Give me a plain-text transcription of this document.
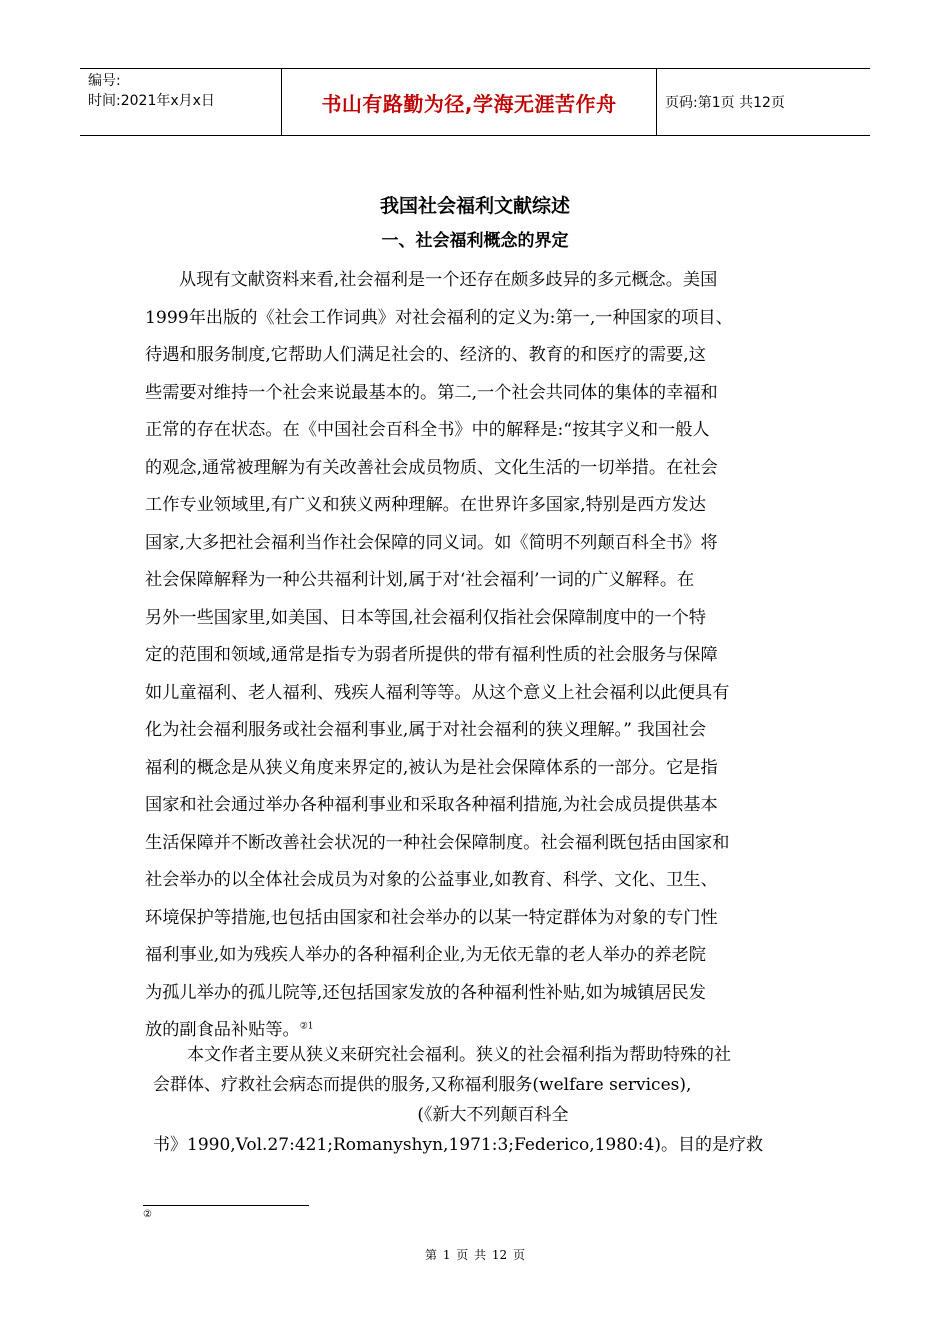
编号:
时间:2021年x月x日	书山有路勤为径,学海无涯苦作舟	页码:第1页 共12页
我国社会福利文献综述
一、社会福利概念的界定
从现有文献资料来看,社会福利是一个还存在颇多歧异的多元概念。美国
1999年出版的《社会工作词典》对社会福利的定义为:第一,一种国家的项目、
待遇和服务制度,它帮助人们满足社会的、经济的、教育的和医疗的需要,这
些需要对维持一个社会来说最基本的。第二,一个社会共同体的集体的幸福和
正常的存在状态。在《中国社会百科全书》中的解释是:“按其字义和一般人
的观念,通常被理解为有关改善社会成员物质、文化生活的一切举措。在社会
工作专业领域里,有广义和狭义两种理解。在世界许多国家,特别是西方发达
国家,大多把社会福利当作社会保障的同义词。如《简明不列颠百科全书》将
社会保障解释为一种公共福利计划,属于对‘社会福利’一词的广义解释。在
另外一些国家里,如美国、日本等国,社会福利仅指社会保障制度中的一个特
定的范围和领域,通常是指专为弱者所提供的带有福利性质的社会服务与保障
如儿童福利、老人福利、残疾人福利等等。从这个意义上社会福利以此便具有
化为社会福利服务或社会福利事业,属于对社会福利的狭义理解。” 我国社会
福利的概念是从狭义角度来界定的,被认为是社会保障体系的一部分。它是指
国家和社会通过举办各种福利事业和采取各种福利措施,为社会成员提供基本
生活保障并不断改善社会状况的一种社会保障制度。社会福利既包括由国家和
社会举办的以全体社会成员为对象的公益事业,如教育、科学、文化、卫生、
环境保护等措施,也包括由国家和社会举办的以某一特定群体为对象的专门性
福利事业,如为残疾人举办的各种福利企业,为无依无靠的老人举办的养老院
为孤儿举办的孤儿院等,还包括国家发放的各种福利性补贴,如为城镇居民发
放的副食品补贴等。$^{②1}$
本文作者主要从狭义来研究社会福利。狭义的社会福利指为帮助特殊的社
会群体、疗救社会病态而提供的服务,又称福利服务(welfare services),
(《新大不列颠百科全
书》1990,Vol.27:421;Romanyshyn,1971:3;Federico,1980:4)。目的是疗救
②
第 1 页 共 12 页
